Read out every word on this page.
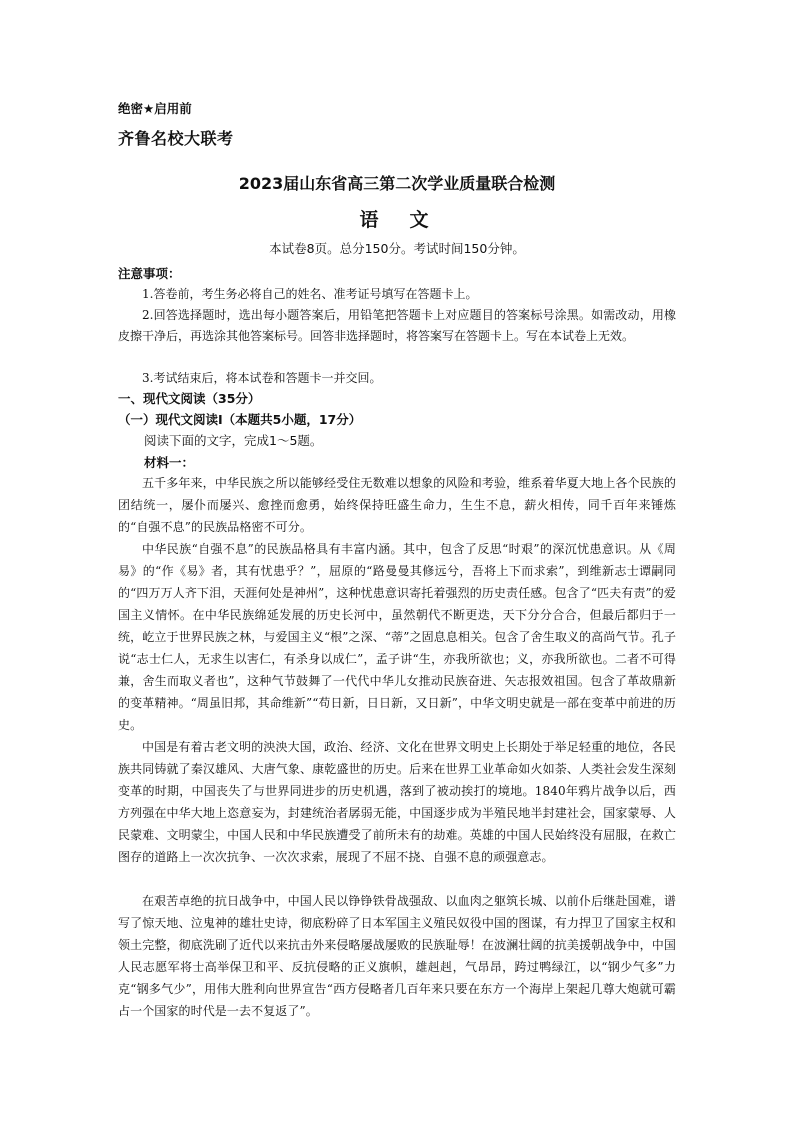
绝密★启用前
齐鲁名校大联考
2023届山东省高三第二次学业质量联合检测
语　文
本试卷8页。总分150分。考试时间150分钟。
注意事项：

1.答卷前，考生务必将自己的姓名、准考证号填写在答题卡上。

2.回答选择题时，选出每小题答案后，用铅笔把答题卡上对应题目的答案标号涂黑。如需改动，用橡皮擦干净后，再选涂其他答案标号。回答非选择题时，将答案写在答题卡上。写在本试卷上无效。

3.考试结束后，将本试卷和答题卡一并交回。

一、现代文阅读（35分）
（一）现代文阅读Ⅰ（本题共5小题，17分）
阅读下面的文字，完成1～5题。
材料一：

五千多年来，中华民族之所以能够经受住无数难以想象的风险和考验，维系着华夏大地上各个民族的团结统一，屡仆而屡兴、愈挫而愈勇，始终保持旺盛生命力，生生不息，薪火相传，同千百年来锤炼的“自强不息”的民族品格密不可分。

中华民族“自强不息”的民族品格具有丰富内涵。其中，包含了反思“时艰”的深沉忧患意识。从《周易》的“作《易》者，其有忧患乎？”，屈原的“路曼曼其修远兮，吾将上下而求索”，到维新志士谭嗣同的“四万万人齐下泪，天涯何处是神州”，这种忧患意识寄托着强烈的历史责任感。包含了“匹夫有责”的爱国主义情怀。在中华民族绵延发展的历史长河中，虽然朝代不断更迭，天下分分合合，但最后都归于一统，屹立于世界民族之林，与爱国主义“根”之深、“蒂”之固息息相关。包含了舍生取义的高尚气节。孔子说“志士仁人，无求生以害仁，有杀身以成仁”，孟子讲“生，亦我所欲也；义，亦我所欲也。二者不可得兼，舍生而取义者也”，这种气节鼓舞了一代代中华儿女推动民族奋进、矢志报效祖国。包含了革故鼎新的变革精神。“周虽旧邦，其命维新”“苟日新，日日新，又日新”，中华文明史就是一部在变革中前进的历史。

中国是有着古老文明的泱泱大国，政治、经济、文化在世界文明史上长期处于举足轻重的地位，各民族共同铸就了秦汉雄风、大唐气象、康乾盛世的历史。后来在世界工业革命如火如荼、人类社会发生深刻变革的时期，中国丧失了与世界同进步的历史机遇，落到了被动挨打的境地。1840年鸦片战争以后，西方列强在中华大地上恣意妄为，封建统治者孱弱无能，中国逐步成为半殖民地半封建社会，国家蒙辱、人民蒙难、文明蒙尘，中国人民和中华民族遭受了前所未有的劫难。英雄的中国人民始终没有屈服，在救亡图存的道路上一次次抗争、一次次求索，展现了不屈不挠、自强不息的顽强意志。

在艰苦卓绝的抗日战争中，中国人民以铮铮铁骨战强敌、以血肉之躯筑长城、以前仆后继赴国难，谱写了惊天地、泣鬼神的雄壮史诗，彻底粉碎了日本军国主义殖民奴役中国的图谋，有力捍卫了国家主权和领土完整，彻底洗刷了近代以来抗击外来侵略屡战屡败的民族耻辱！在波澜壮阔的抗美援朝战争中，中国人民志愿军将士高举保卫和平、反抗侵略的正义旗帜，雄赳赳，气昂昂，跨过鸭绿江，以“钢少气多”力克“钢多气少”，用伟大胜利向世界宣告“西方侵略者几百年来只要在东方一个海岸上架起几尊大炮就可霸占一个国家的时代是一去不复返了”。
